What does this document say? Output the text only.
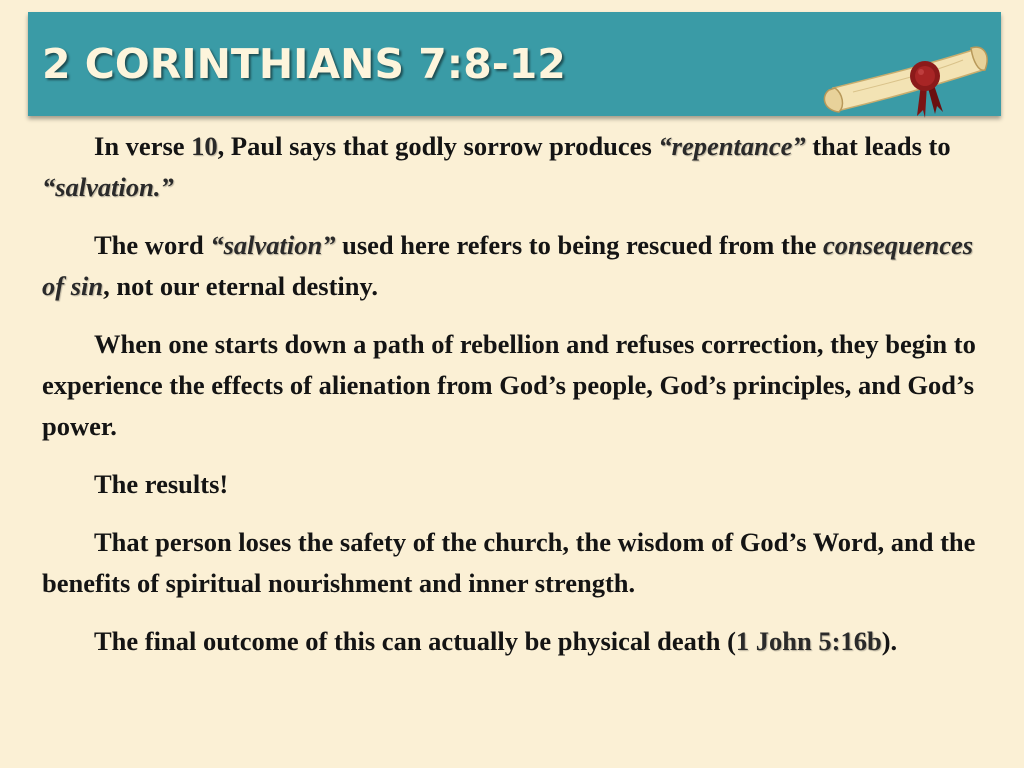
2 CORINTHIANS 7:8-12

In verse 10, Paul says that godly sorrow produces “repentance” that leads to “salvation.”

The word “salvation” used here refers to being rescued from the consequences of sin, not our eternal destiny.

When one starts down a path of rebellion and refuses correction, they begin to experience the effects of alienation from God’s people, God’s principles, and God’s power.

The results!

That person loses the safety of the church, the wisdom of God’s Word, and the benefits of spiritual nourishment and inner strength.

The final outcome of this can actually be physical death (1 John 5:16b).
